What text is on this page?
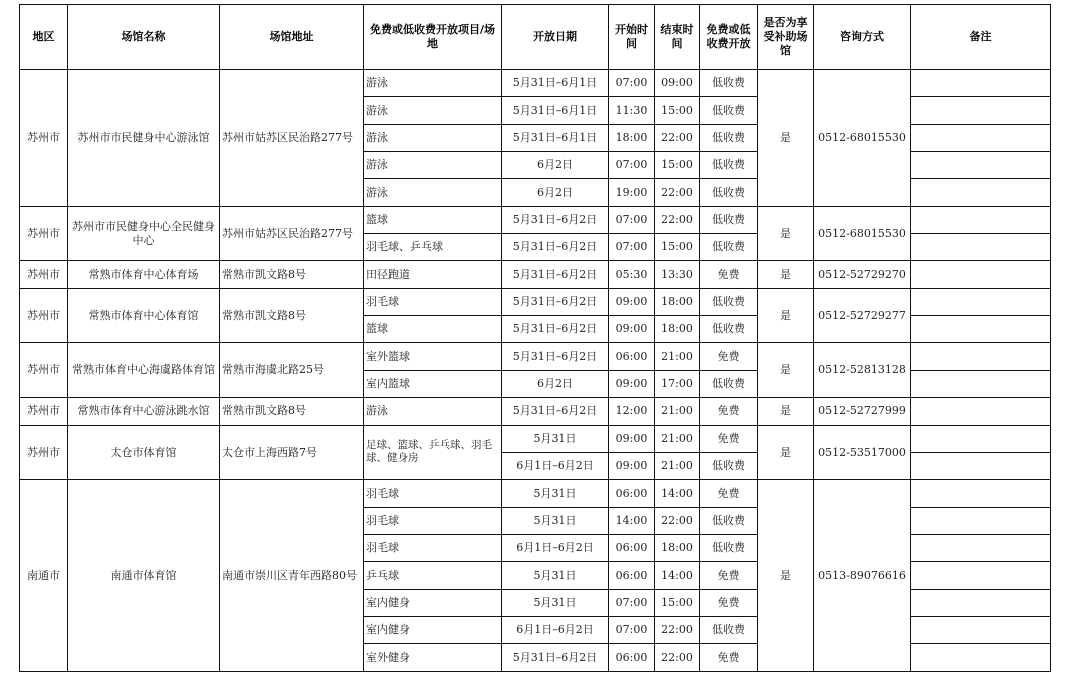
地区	场馆名称	场馆地址	免费或低收费开放项目/场地	开放日期	开始时间	结束时间	免费或低收费开放	是否为享受补助场馆	咨询方式	备注
苏州市	苏州市市民健身中心游泳馆	苏州市姑苏区民治路277号	游泳	5月31日–6月1日	07:00	09:00	低收费	是	0512-68015530	
			游泳	5月31日–6月1日	11:30	15:00	低收费			
			游泳	5月31日–6月1日	18:00	22:00	低收费			
			游泳	6月2日	07:00	15:00	低收费			
			游泳	6月2日	19:00	22:00	低收费			
苏州市	苏州市市民健身中心全民健身中心	苏州市姑苏区民治路277号	篮球	5月31日–6月2日	07:00	22:00	低收费	是	0512-68015530	
			羽毛球、乒乓球	5月31日–6月2日	07:00	15:00	低收费			
苏州市	常熟市体育中心体育场	常熟市凯文路8号	田径跑道	5月31日–6月2日	05:30	13:30	免费	是	0512-52729270	
苏州市	常熟市体育中心体育馆	常熟市凯文路8号	羽毛球	5月31日–6月2日	09:00	18:00	低收费	是	0512-52729277	
			篮球	5月31日–6月2日	09:00	18:00	低收费			
苏州市	常熟市体育中心海虞路体育馆	常熟市海虞北路25号	室外篮球	5月31日–6月2日	06:00	21:00	免费	是	0512-52813128	
			室内篮球	6月2日	09:00	17:00	低收费			
苏州市	常熟市体育中心游泳跳水馆	常熟市凯文路8号	游泳	5月31日–6月2日	12:00	21:00	免费	是	0512-52727999	
苏州市	太仓市体育馆	太仓市上海西路7号	足球、篮球、乒乓球、羽毛球、健身房	5月31日	09:00	21:00	免费	是	0512-53517000	
				6月1日–6月2日	09:00	21:00	低收费			
南通市	南通市体育馆	南通市崇川区青年西路80号	羽毛球	5月31日	06:00	14:00	免费	是	0513-89076616	
			羽毛球	5月31日	14:00	22:00	低收费			
			羽毛球	6月1日–6月2日	06:00	18:00	低收费			
			乒乓球	5月31日	06:00	14:00	免费			
			室内健身	5月31日	07:00	15:00	免费			
			室内健身	6月1日–6月2日	07:00	22:00	低收费			
			室外健身	5月31日–6月2日	06:00	22:00	免费			
